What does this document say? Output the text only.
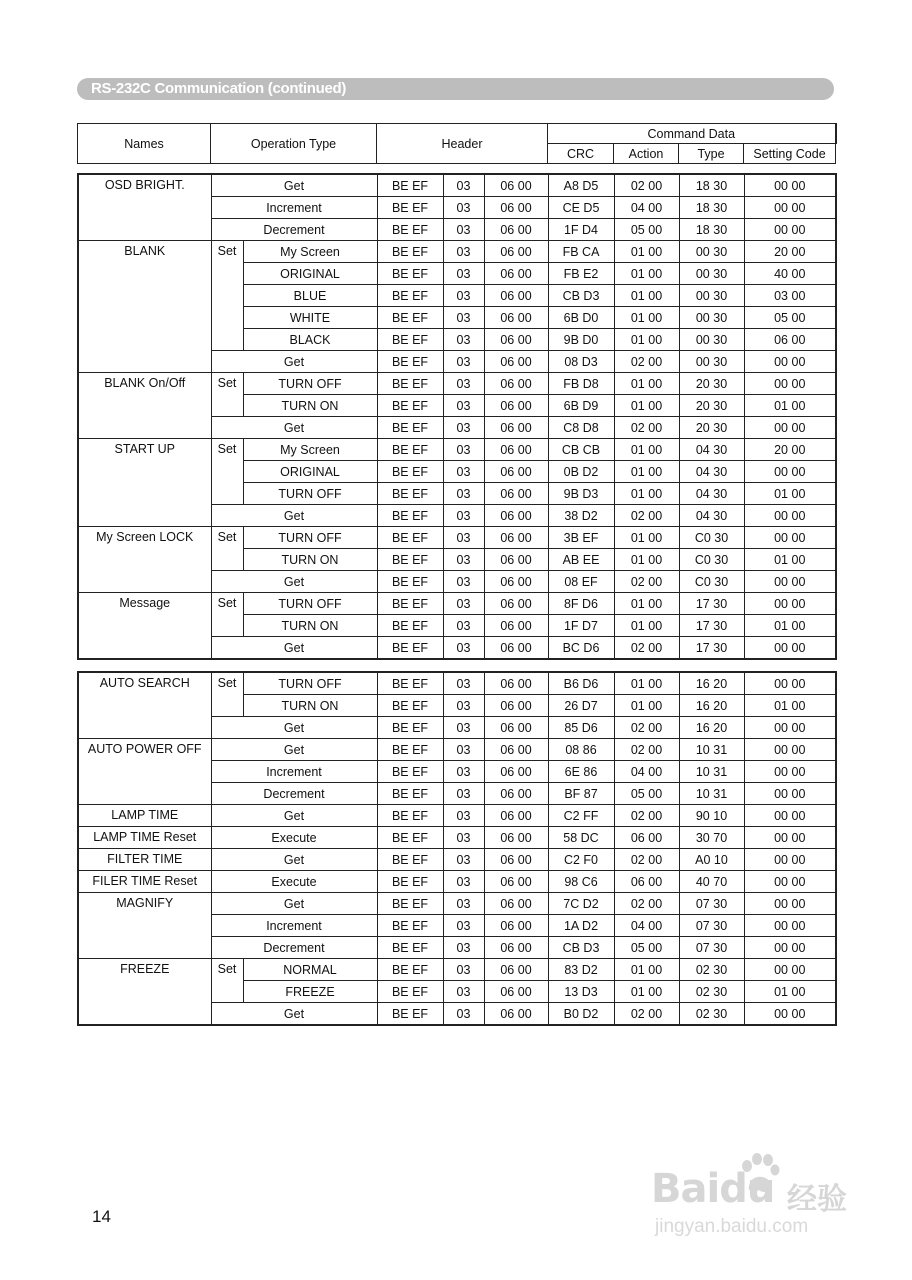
RS-232C Communication (continued)
Names	Operation Type	Header	Command Data			
			CRC	Action	Type	Setting Code
OSD BRIGHT.	Get		BE EF	03	06 00	A8 D5	02 00	18 30	00 00
	Increment		BE EF	03	06 00	CE D5	04 00	18 30	00 00
	Decrement		BE EF	03	06 00	1F D4	05 00	18 30	00 00
BLANK	Set	My Screen	BE EF	03	06 00	FB CA	01 00	00 30	20 00
		ORIGINAL	BE EF	03	06 00	FB E2	01 00	00 30	40 00
		BLUE	BE EF	03	06 00	CB D3	01 00	00 30	03 00
		WHITE	BE EF	03	06 00	6B D0	01 00	00 30	05 00
		BLACK	BE EF	03	06 00	9B D0	01 00	00 30	06 00
	Get		BE EF	03	06 00	08 D3	02 00	00 30	00 00
BLANK On/Off	Set	TURN OFF	BE EF	03	06 00	FB D8	01 00	20 30	00 00
		TURN ON	BE EF	03	06 00	6B D9	01 00	20 30	01 00
	Get		BE EF	03	06 00	C8 D8	02 00	20 30	00 00
START UP	Set	My Screen	BE EF	03	06 00	CB CB	01 00	04 30	20 00
		ORIGINAL	BE EF	03	06 00	0B D2	01 00	04 30	00 00
		TURN OFF	BE EF	03	06 00	9B D3	01 00	04 30	01 00
	Get		BE EF	03	06 00	38 D2	02 00	04 30	00 00
My Screen LOCK	Set	TURN OFF	BE EF	03	06 00	3B EF	01 00	C0 30	00 00
		TURN ON	BE EF	03	06 00	AB EE	01 00	C0 30	01 00
	Get		BE EF	03	06 00	08 EF	02 00	C0 30	00 00
Message	Set	TURN OFF	BE EF	03	06 00	8F D6	01 00	17 30	00 00
		TURN ON	BE EF	03	06 00	1F D7	01 00	17 30	01 00
	Get		BE EF	03	06 00	BC D6	02 00	17 30	00 00
AUTO SEARCH	Set	TURN OFF	BE EF	03	06 00	B6 D6	01 00	16 20	00 00
		TURN ON	BE EF	03	06 00	26 D7	01 00	16 20	01 00
	Get		BE EF	03	06 00	85 D6	02 00	16 20	00 00
AUTO POWER OFF	Get		BE EF	03	06 00	08 86	02 00	10 31	00 00
	Increment		BE EF	03	06 00	6E 86	04 00	10 31	00 00
	Decrement		BE EF	03	06 00	BF 87	05 00	10 31	00 00
LAMP TIME	Get		BE EF	03	06 00	C2 FF	02 00	90 10	00 00
LAMP TIME Reset	Execute		BE EF	03	06 00	58 DC	06 00	30 70	00 00
FILTER TIME	Get		BE EF	03	06 00	C2 F0	02 00	A0 10	00 00
FILER TIME Reset	Execute		BE EF	03	06 00	98 C6	06 00	40 70	00 00
MAGNIFY	Get		BE EF	03	06 00	7C D2	02 00	07 30	00 00
	Increment		BE EF	03	06 00	1A D2	04 00	07 30	00 00
	Decrement		BE EF	03	06 00	CB D3	05 00	07 30	00 00
FREEZE	Set	NORMAL	BE EF	03	06 00	83 D2	01 00	02 30	00 00
		FREEZE	BE EF	03	06 00	13 D3	01 00	02 30	01 00
	Get		BE EF	03	06 00	B0 D2	02 00	02 30	00 00
14
Baidu 经验
jingyan.baidu.com
